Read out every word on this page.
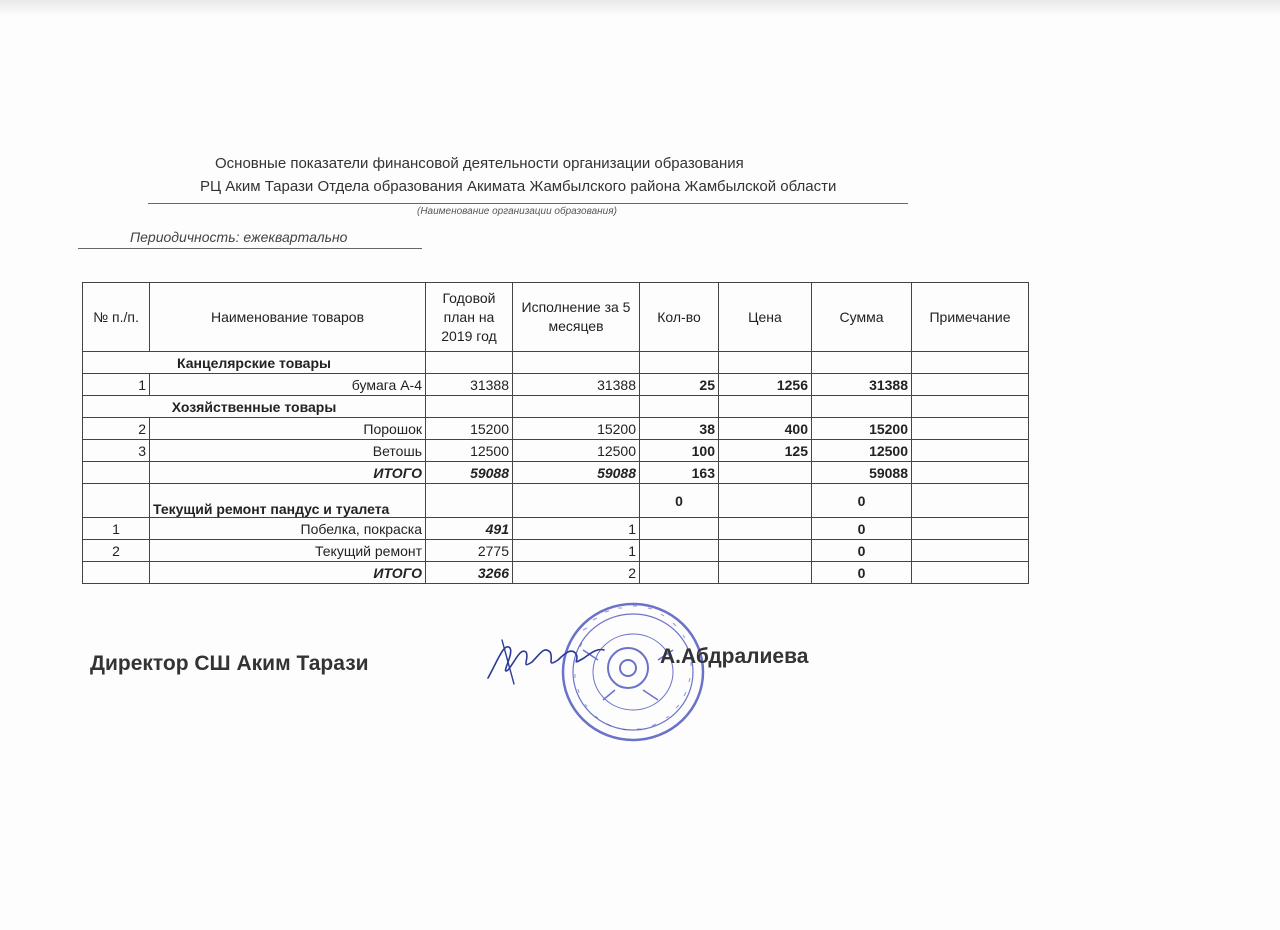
Основные показатели финансовой деятельности организации образования
РЦ Аким Тарази Отдела образования Акимата Жамбылского района Жамбылской области
(Наименование организации образования)
Периодичность: ежеквартально
№ п./п.	Наименование товаров	Годовой план на 2019 год	Исполнение за 5 месяцев	Кол-во	Цена	Сумма	Примечание
Канцелярские товары							
1	бумага А-4	31388	31388	25	1256	31388	
Хозяйственные товары							
2	Порошок	15200	15200	38	400	15200	
3	Ветошь	12500	12500	100	125	12500	
	ИТОГО	59088	59088	163		59088	
	Текущий ремонт пандус и туалета			0		0	
1	Побелка, покраска	491	1			0	
2	Текущий ремонт	2775	1			0	
	ИТОГО	3266	2			0	
Директор СШ Аким Тарази	А.Абдралиева
